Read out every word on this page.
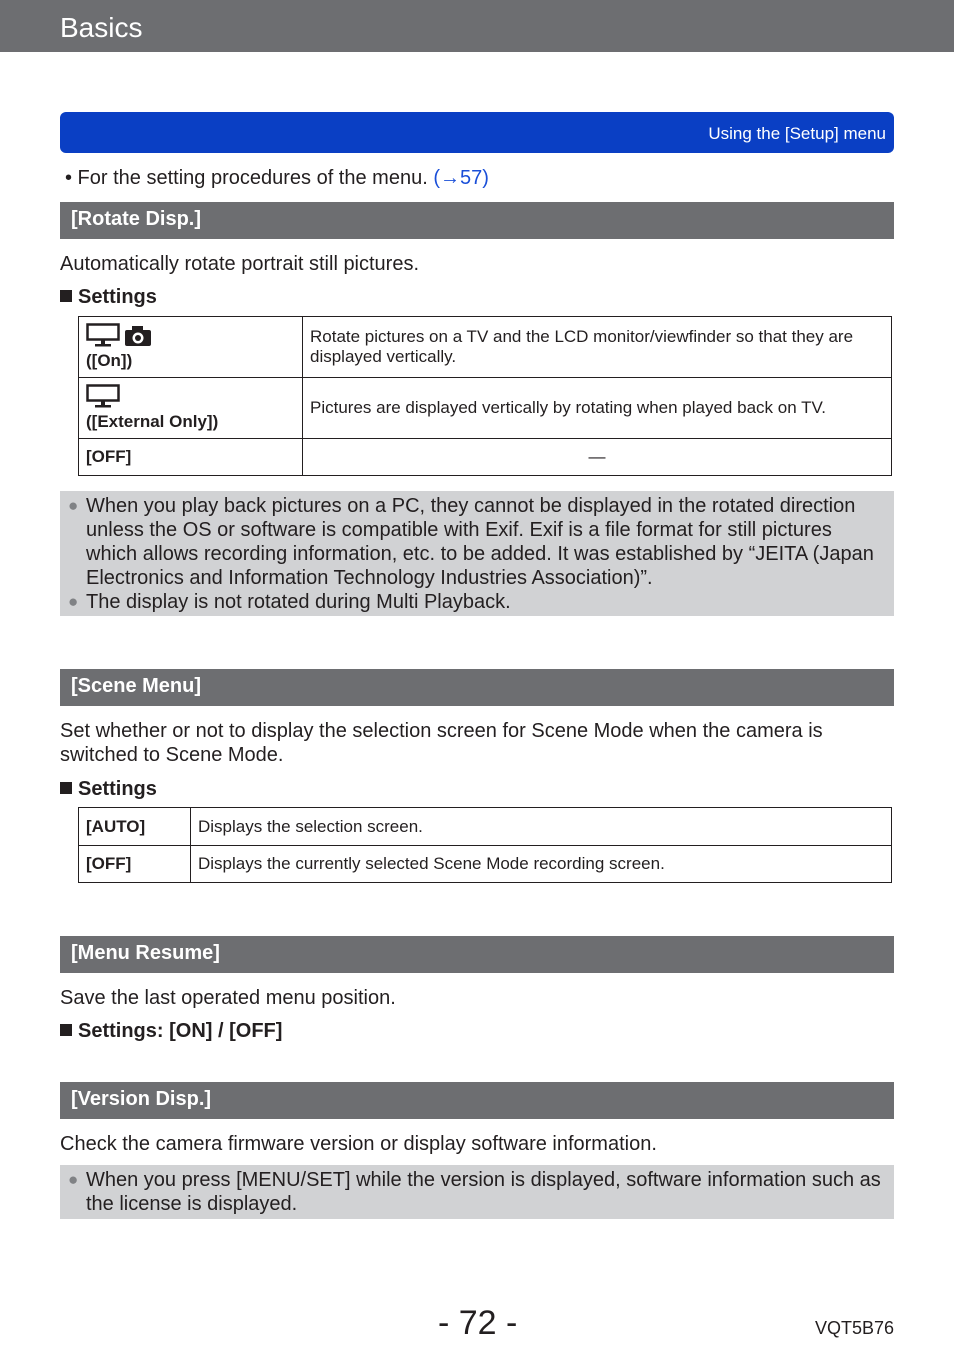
Basics
Using the [Setup] menu
• For the setting procedures of the menu. (→57)
[Rotate Disp.]
Automatically rotate portrait still pictures.
Settings
([On])	Rotate pictures on a TV and the LCD monitor/viewfinder so that they are displayed vertically.

([External Only])	Pictures are displayed vertically by rotating when played back on TV.
[OFF]	—
● When you play back pictures on a PC, they cannot be displayed in the rotated direction unless the OS or software is compatible with Exif. Exif is a file format for still pictures which allows recording information, etc. to be added. It was established by “JEITA (Japan Electronics and Information Technology Industries Association)”.
● The display is not rotated during Multi Playback.
[Scene Menu]
Set whether or not to display the selection screen for Scene Mode when the camera is switched to Scene Mode.
Settings
[AUTO]	Displays the selection screen.
[OFF]	Displays the currently selected Scene Mode recording screen.
[Menu Resume]
Save the last operated menu position.
Settings: [ON] / [OFF]
[Version Disp.]
Check the camera firmware version or display software information.
● When you press [MENU/SET] while the version is displayed, software information such as the license is displayed.
- 72 -	VQT5B76
